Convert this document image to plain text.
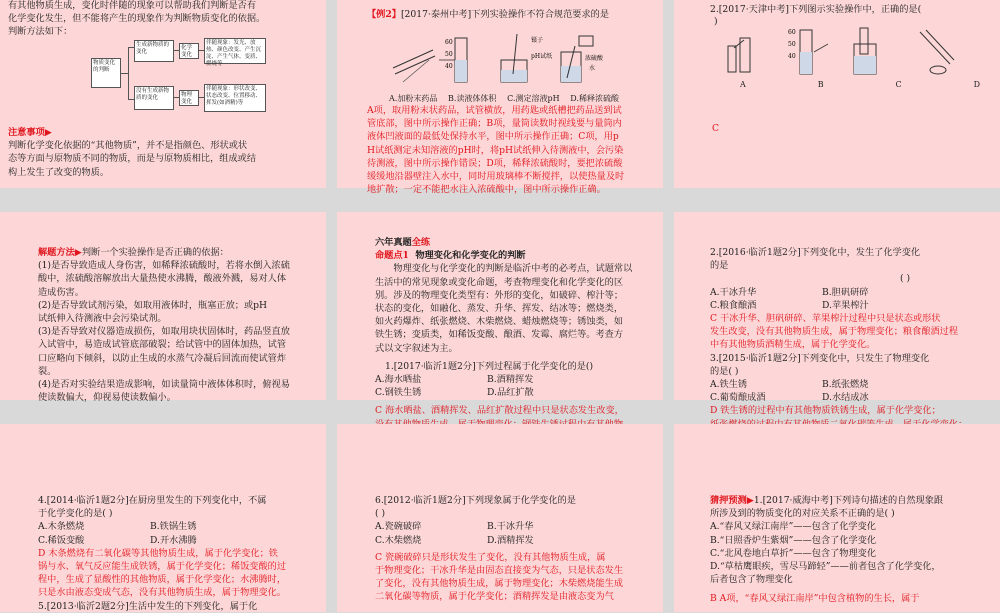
有其他物质生成，变化时伴随的现象可以帮助我们判断是否有

化学变化发生，但不能将产生的现象作为判断物质变化的依据。

判断方法如下：

物质变化的判断
生成新物质的变化
化学变化
伴随现象：发光、放热、颜色改变、产生沉淀、产生气体、变质、燃烧等
没有生成新物质的变化	物理变化
伴随现象：形状改变、状态改变、位置移动、挥发(如酒精)等

注意事项▶

判断化学变化依据的“其他物质”，并不是指颜色、形状或状

态等方面与原物质不同的物质，而是与原物质相比，组成或结

构上发生了改变的物质。

【例2】[2017·泰州中考]下列实验操作不符合规范要求的是

60
50
40
镊子
pH试纸	浓硫酸
水
A.加粉末药品 B.读液体体积 C.测定溶液pH D.稀释浓硫酸

A项，取用粉末状药品，试管横放，用药匙或纸槽把药品送到试

管底部，图中所示操作正确；B项，量筒读数时视线要与量筒内

液体凹液面的最低处保持水平，图中所示操作正确；C项，用p

H试纸测定未知溶液的pH时，将pH试纸伸入待测液中，会污染

待测液，图中所示操作错误；D项，稀释浓硫酸时，要把浓硫酸

缓缓地沿器壁注入水中，同时用玻璃棒不断搅拌，以使热量及时

地扩散；一定不能把水注入浓硫酸中，图中所示操作正确。

2.[2017·天津中考]下列图示实验操作中，正确的是(

)

60
50
40
A	B	C	D

C

解题方法▶判断一个实验操作是否正确的依据：

(1)是否导致造成人身伤害，如稀释浓硫酸时，若将水倒入浓硫

酸中，浓硫酸溶解放出大量热使水沸腾，酸液外溅，易对人体

造成伤害。

(2)是否导致试剂污染，如取用液体时，瓶塞正放；或pH

试纸伸入待测液中会污染试剂。

(3)是否导致对仪器造成损伤，如取用块状固体时，药品竖直放

入试管中，易造成试管底部破裂；给试管中的固体加热，试管

口应略向下倾斜，以防止生成的水蒸气冷凝后回流而使试管炸

裂。

(4)是否对实验结果造成影响，如读量筒中液体体积时，俯视易

使读数偏大，仰视易使读数偏小。

六年真题全练

命题点1 物理变化和化学变化的判断

物理变化与化学变化的判断是临沂中考的必考点，试题常以

生活中的常见现象或变化命题，考查物理变化和化学变化的区

别。涉及的物理变化类型有：外形的变化，如破碎、榨汁等；

状态的变化，如融化、蒸发、升华、挥发、结冰等；燃烧类，

如火药爆炸、纸张燃烧、木柴燃烧、蜡烛燃烧等；锈蚀类，如

铁生锈；变质类，如稀饭变酸、酿酒、发霉、腐烂等。考查方

式以文字叙述为主。

1.[2017·临沂1题2分]下列过程属于化学变化的是()

A.海水晒盐	B.酒精挥发
C.钢铁生锈	D.品红扩散

C 海水晒盐、酒精挥发、品红扩散过程中只是状态发生改变，

2.[2016·临沂1题2分]下列变化中，发生了化学变化

的是

( )

A.干冰升华	B.胆矾研碎
C.粮食酿酒	D.苹果榨汁

C 干冰升华、胆矾研碎、苹果榨汁过程中只是状态或形状

发生改变，没有其他物质生成，属于物理变化；粮食酿酒过程

中有其他物质酒精生成，属于化学变化。

3.[2015·临沂1题2分]下列变化中，只发生了物理变化

的是( )

A.铁生锈	B.纸张燃烧
C.葡萄酿成酒	D.水结成冰

D 铁生锈的过程中有其他物质铁锈生成，属于化学变化；

4.[2014·临沂1题2分]在厨房里发生的下列变化中，不属

于化学变化的是( )

A.木条燃烧	B.铁锅生锈
C.稀饭变酸	D.开水沸腾

D 木条燃烧有二氧化碳等其他物质生成，属于化学变化；铁

锅与水、氧气反应能生成铁锈，属于化学变化；稀饭变酸的过

程中，生成了显酸性的其他物质，属于化学变化；水沸腾时，

只是水由液态变成气态，没有其他物质生成，属于物理变化。

5.[2013·临沂2题2分]生活中发生的下列变化，属于化

6.[2012·临沂1题2分]下列现象属于化学变化的是

( )

A.瓷碗破碎	B.干冰升华
C.木柴燃烧	D.酒精挥发

C 瓷碗破碎只是形状发生了变化，没有其他物质生成，属

于物理变化；干冰升华是由固态直接变为气态，只是状态发生

了变化，没有其他物质生成，属于物理变化；木柴燃烧能生成

二氧化碳等物质，属于化学变化；酒精挥发是由液态变为气

猜押预测▶1.[2017·威海中考]下列诗句描述的自然现象跟

所涉及到的物质变化的对应关系不正确的是( )

A.“春风又绿江南岸”——包含了化学变化

B.“日照香炉生紫烟”——包含了化学变化

C.“北风卷地白草折”——包含了物理变化

D.“草枯鹰眼疾，雪尽马蹄轻”——前者包含了化学变化，

后者包含了物理变化

B A项，“春风又绿江南岸”中包含植物的生长，属于
